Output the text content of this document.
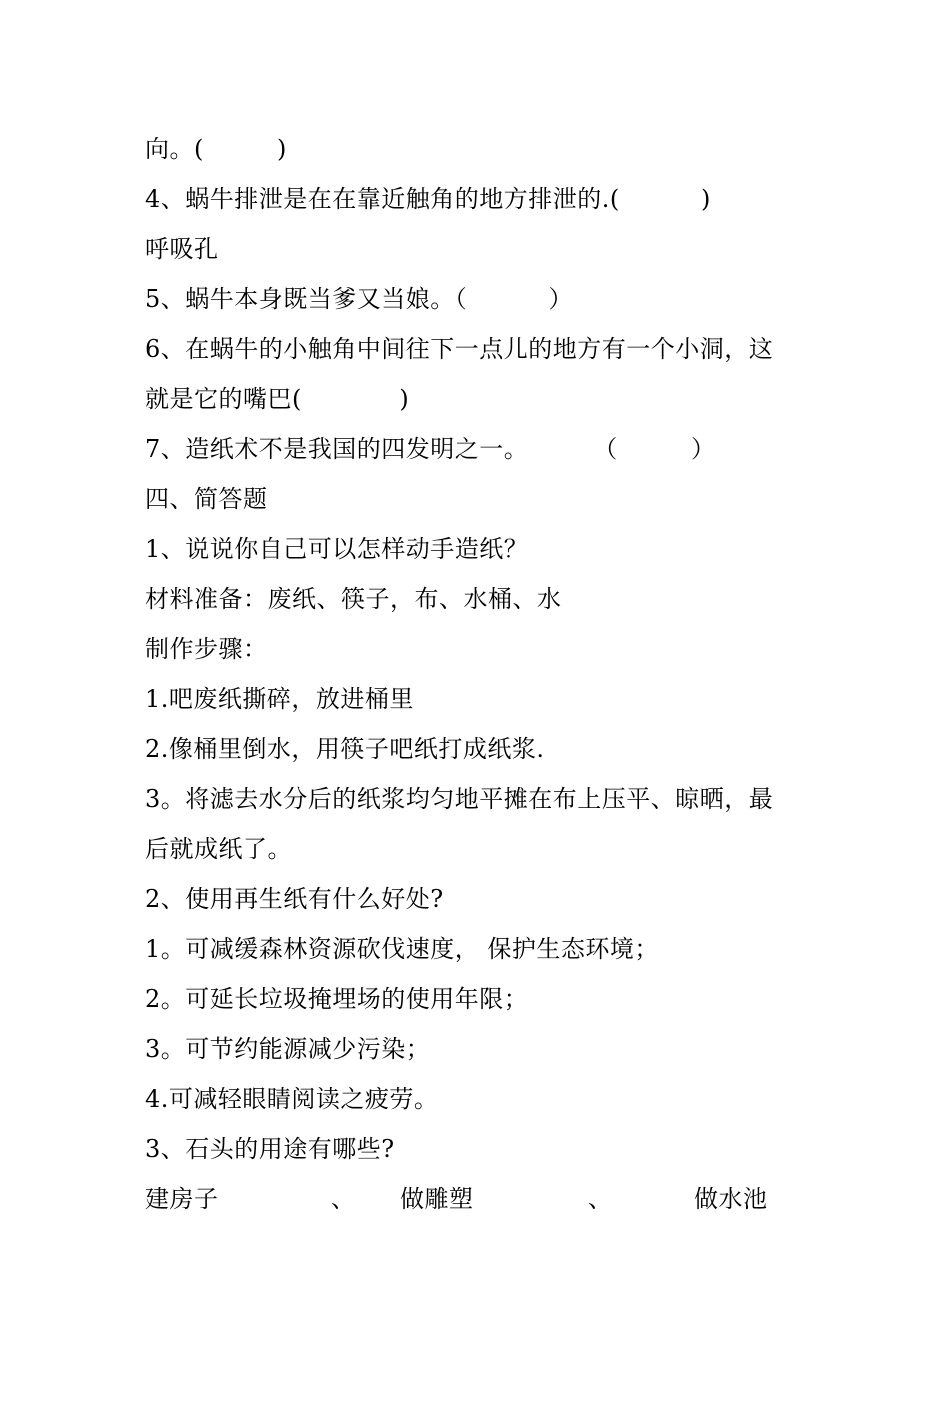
向。(         )
4、蜗牛排泄是在在靠近触角的地方排泄的.(          )
呼吸孔
5、蜗牛本身既当爹又当娘。（          ）
6、在蜗牛的小触角中间往下一点儿的地方有一个小洞，这
就是它的嘴巴(            )
7、造纸术不是我国的四发明之一。        （         ）
四、简答题
1、说说你自己可以怎样动手造纸？
材料准备：废纸、筷子，布、水桶、水
制作步骤：
1.吧废纸撕碎，放进桶里
2.像桶里倒水，用筷子吧纸打成纸浆.
3。将滤去水分后的纸浆均匀地平摊在布上压平、晾晒，最
后就成纸了。
2、使用再生纸有什么好处?
1。可减缓森林资源砍伐速度， 保护生态环境；
2。可延长垃圾掩埋场的使用年限；
3。可节约能源减少污染；
4.可减轻眼睛阅读之疲劳。
3、石头的用途有哪些?

建房子

	、

做雕塑

	、

	做水池
